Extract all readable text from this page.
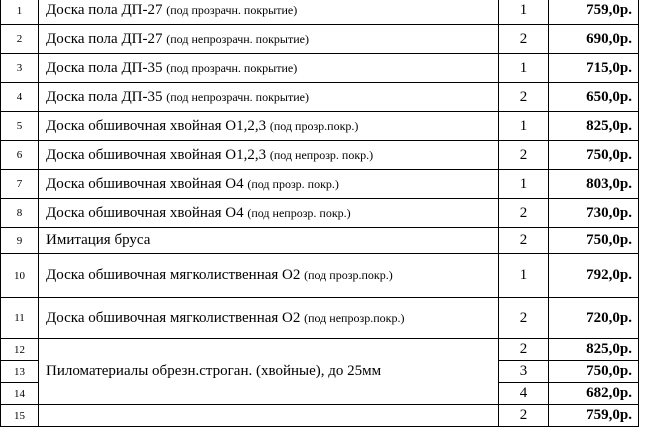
1	Доска пола ДП-27 (под прозрачн. покрытие)	1	759,0р.
2	Доска пола ДП-27 (под непрозрачн. покрытие)	2	690,0р.
3	Доска пола ДП-35 (под прозрачн. покрытие)	1	715,0р.
4	Доска пола ДП-35 (под непрозрачн. покрытие)	2	650,0р.
5	Доска обшивочная хвойная О1,2,3 (под прозр.покр.)	1	825,0р.
6	Доска обшивочная хвойная О1,2,3 (под непрозр. покр.)	2	750,0р.
7	Доска обшивочная хвойная О4 (под прозр. покр.)	1	803,0р.
8	Доска обшивочная хвойная О4 (под непрозр. покр.)	2	730,0р.
9	Имитация бруса	2	750,0р.
10	Доска обшивочная мягколиственная О2 (под прозр.покр.)	1	792,0р.
11	Доска обшивочная мягколиственная О2 (под непрозр.покр.)	2	720,0р.
12	Пиломатериалы обрезн.строган. (хвойные), до 25мм	2	825,0р.
13		3	750,0р.
14		4	682,0р.
15		2	759,0р.
